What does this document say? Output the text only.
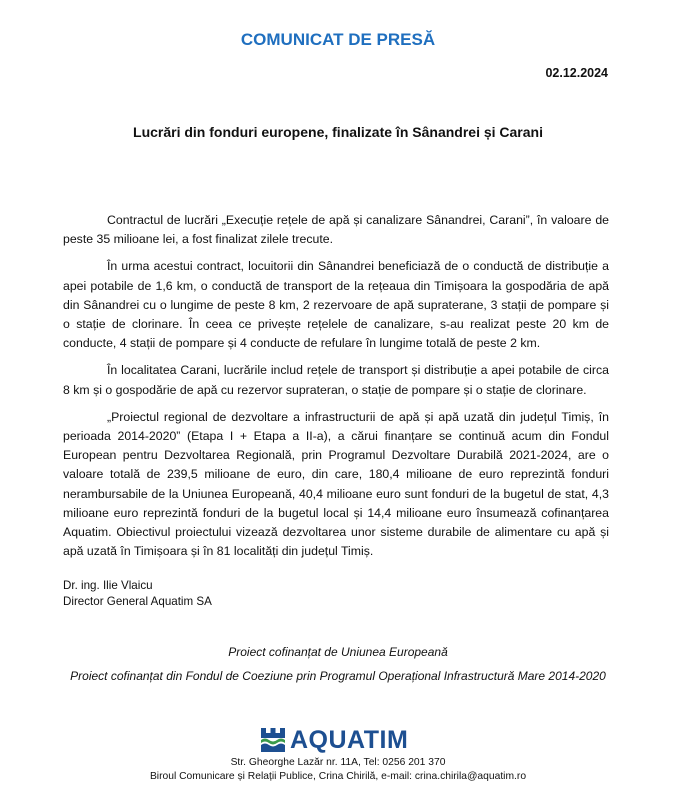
COMUNICAT DE PRESĂ
02.12.2024
Lucrări din fonduri europene, finalizate în Sânandrei și Carani

Contractul de lucrări „Execuție rețele de apă și canalizare Sânandrei, Carani”, în valoare de peste 35 milioane lei, a fost finalizat zilele trecute.

În urma acestui contract, locuitorii din Sânandrei beneficiază de o conductă de distribuție a apei potabile de 1,6 km, o conductă de transport de la rețeaua din Timișoara la gospodăria de apă din Sânandrei cu o lungime de peste 8 km, 2 rezervoare de apă supraterane, 3 stații de pompare și o stație de clorinare. În ceea ce privește rețelele de canalizare, s-au realizat peste 20 km de conducte, 4 stații de pompare și 4 conducte de refulare în lungime totală de peste 2 km.

În localitatea Carani, lucrările includ rețele de transport și distribuție a apei potabile de circa 8 km și o gospodărie de apă cu rezervor suprateran, o stație de pompare și o stație de clorinare.

„Proiectul regional de dezvoltare a infrastructurii de apă și apă uzată din județul Timiș, în perioada 2014-2020” (Etapa I + Etapa a II-a), a cărui finanțare se continuă acum din Fondul European pentru Dezvoltarea Regională, prin Programul Dezvoltare Durabilă 2021-2024, are o valoare totală de 239,5 milioane de euro, din care, 180,4 milioane de euro reprezintă fonduri nerambursabile de la Uniunea Europeană, 40,4 milioane euro sunt fonduri de la bugetul de stat, 4,3 milioane euro reprezintă fonduri de la bugetul local și 14,4 milioane euro însumează cofinanțarea Aquatim. Obiectivul proiectului vizează dezvoltarea unor sisteme durabile de alimentare cu apă și apă uzată în Timișoara și în 81 localități din județul Timiș.

Dr. ing. Ilie Vlaicu
Director General Aquatim SA
Proiect cofinanțat de Uniunea Europeană
Proiect cofinanțat din Fondul de Coeziune prin Programul Operațional Infrastructură Mare 2014-2020
AQUATIM
Str. Gheorghe Lazăr nr. 11A, Tel: 0256 201 370
Biroul Comunicare și Relații Publice, Crina Chirilă, e-mail: crina.chirila@aquatim.ro
